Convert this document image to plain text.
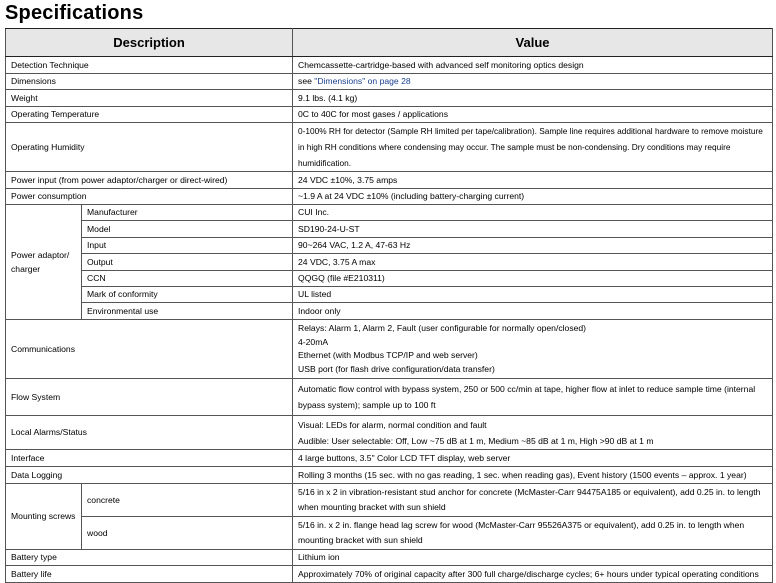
Specifications
Description		Value
Detection Technique		Chemcassette-cartridge-based with advanced self monitoring optics design
Dimensions		see "Dimensions" on page 28
Weight		9.1 lbs. (4.1 kg)
Operating Temperature		0C to 40C for most gases / applications
Operating Humidity		0-100% RH for detector (Sample RH limited per tape/calibration). Sample line requires additional hardware to remove moisture in high RH conditions where condensing may occur. The sample must be non-condensing. Dry conditions may require humidification.
Power input (from power adaptor/charger or direct-wired)		24 VDC ±10%, 3.75 amps
Power consumption		~1.9 A at 24 VDC ±10% (including battery-charging current)
Power adaptor/ charger	Manufacturer	CUI Inc.
	Model	SD190-24-U-ST
	Input	90~264 VAC, 1.2 A, 47-63 Hz
	Output	24 VDC, 3.75 A max
	CCN	QQGQ (file #E210311)
	Mark of conformity	UL listed
	Environmental use	Indoor only
Communications		Relays: Alarm 1, Alarm 2, Fault (user configurable for normally open/closed)
4-20mA
Ethernet (with Modbus TCP/IP and web server)
USB port (for flash drive configuration/data transfer)

Flow System		Automatic flow control with bypass system, 250 or 500 cc/min at tape, higher flow at inlet to reduce sample time (internal bypass system); sample up to 100 ft
Local Alarms/Status		Visual: LEDs for alarm, normal condition and fault
Audible: User selectable: Off, Low ~75 dB at 1 m, Medium ~85 dB at 1 m, High >90 dB at 1 m

Interface		4 large buttons, 3.5" Color LCD TFT display, web server
Data Logging		Rolling 3 months (15 sec. with no gas reading, 1 sec. when reading gas), Event history (1500 events – approx. 1 year)
Mounting screws	concrete	5/16 in x 2 in vibration-resistant stud anchor for concrete (McMaster-Carr 94475A185 or equivalent), add 0.25 in. to length when mounting bracket with sun shield
	wood	5/16 in. x 2 in. flange head lag screw for wood (McMaster-Carr 95526A375 or equivalent), add 0.25 in. to length when mounting bracket with sun shield
Battery type		Lithium ion
Battery life		Approximately 70% of original capacity after 300 full charge/discharge cycles; 6+ hours under typical operating conditions
